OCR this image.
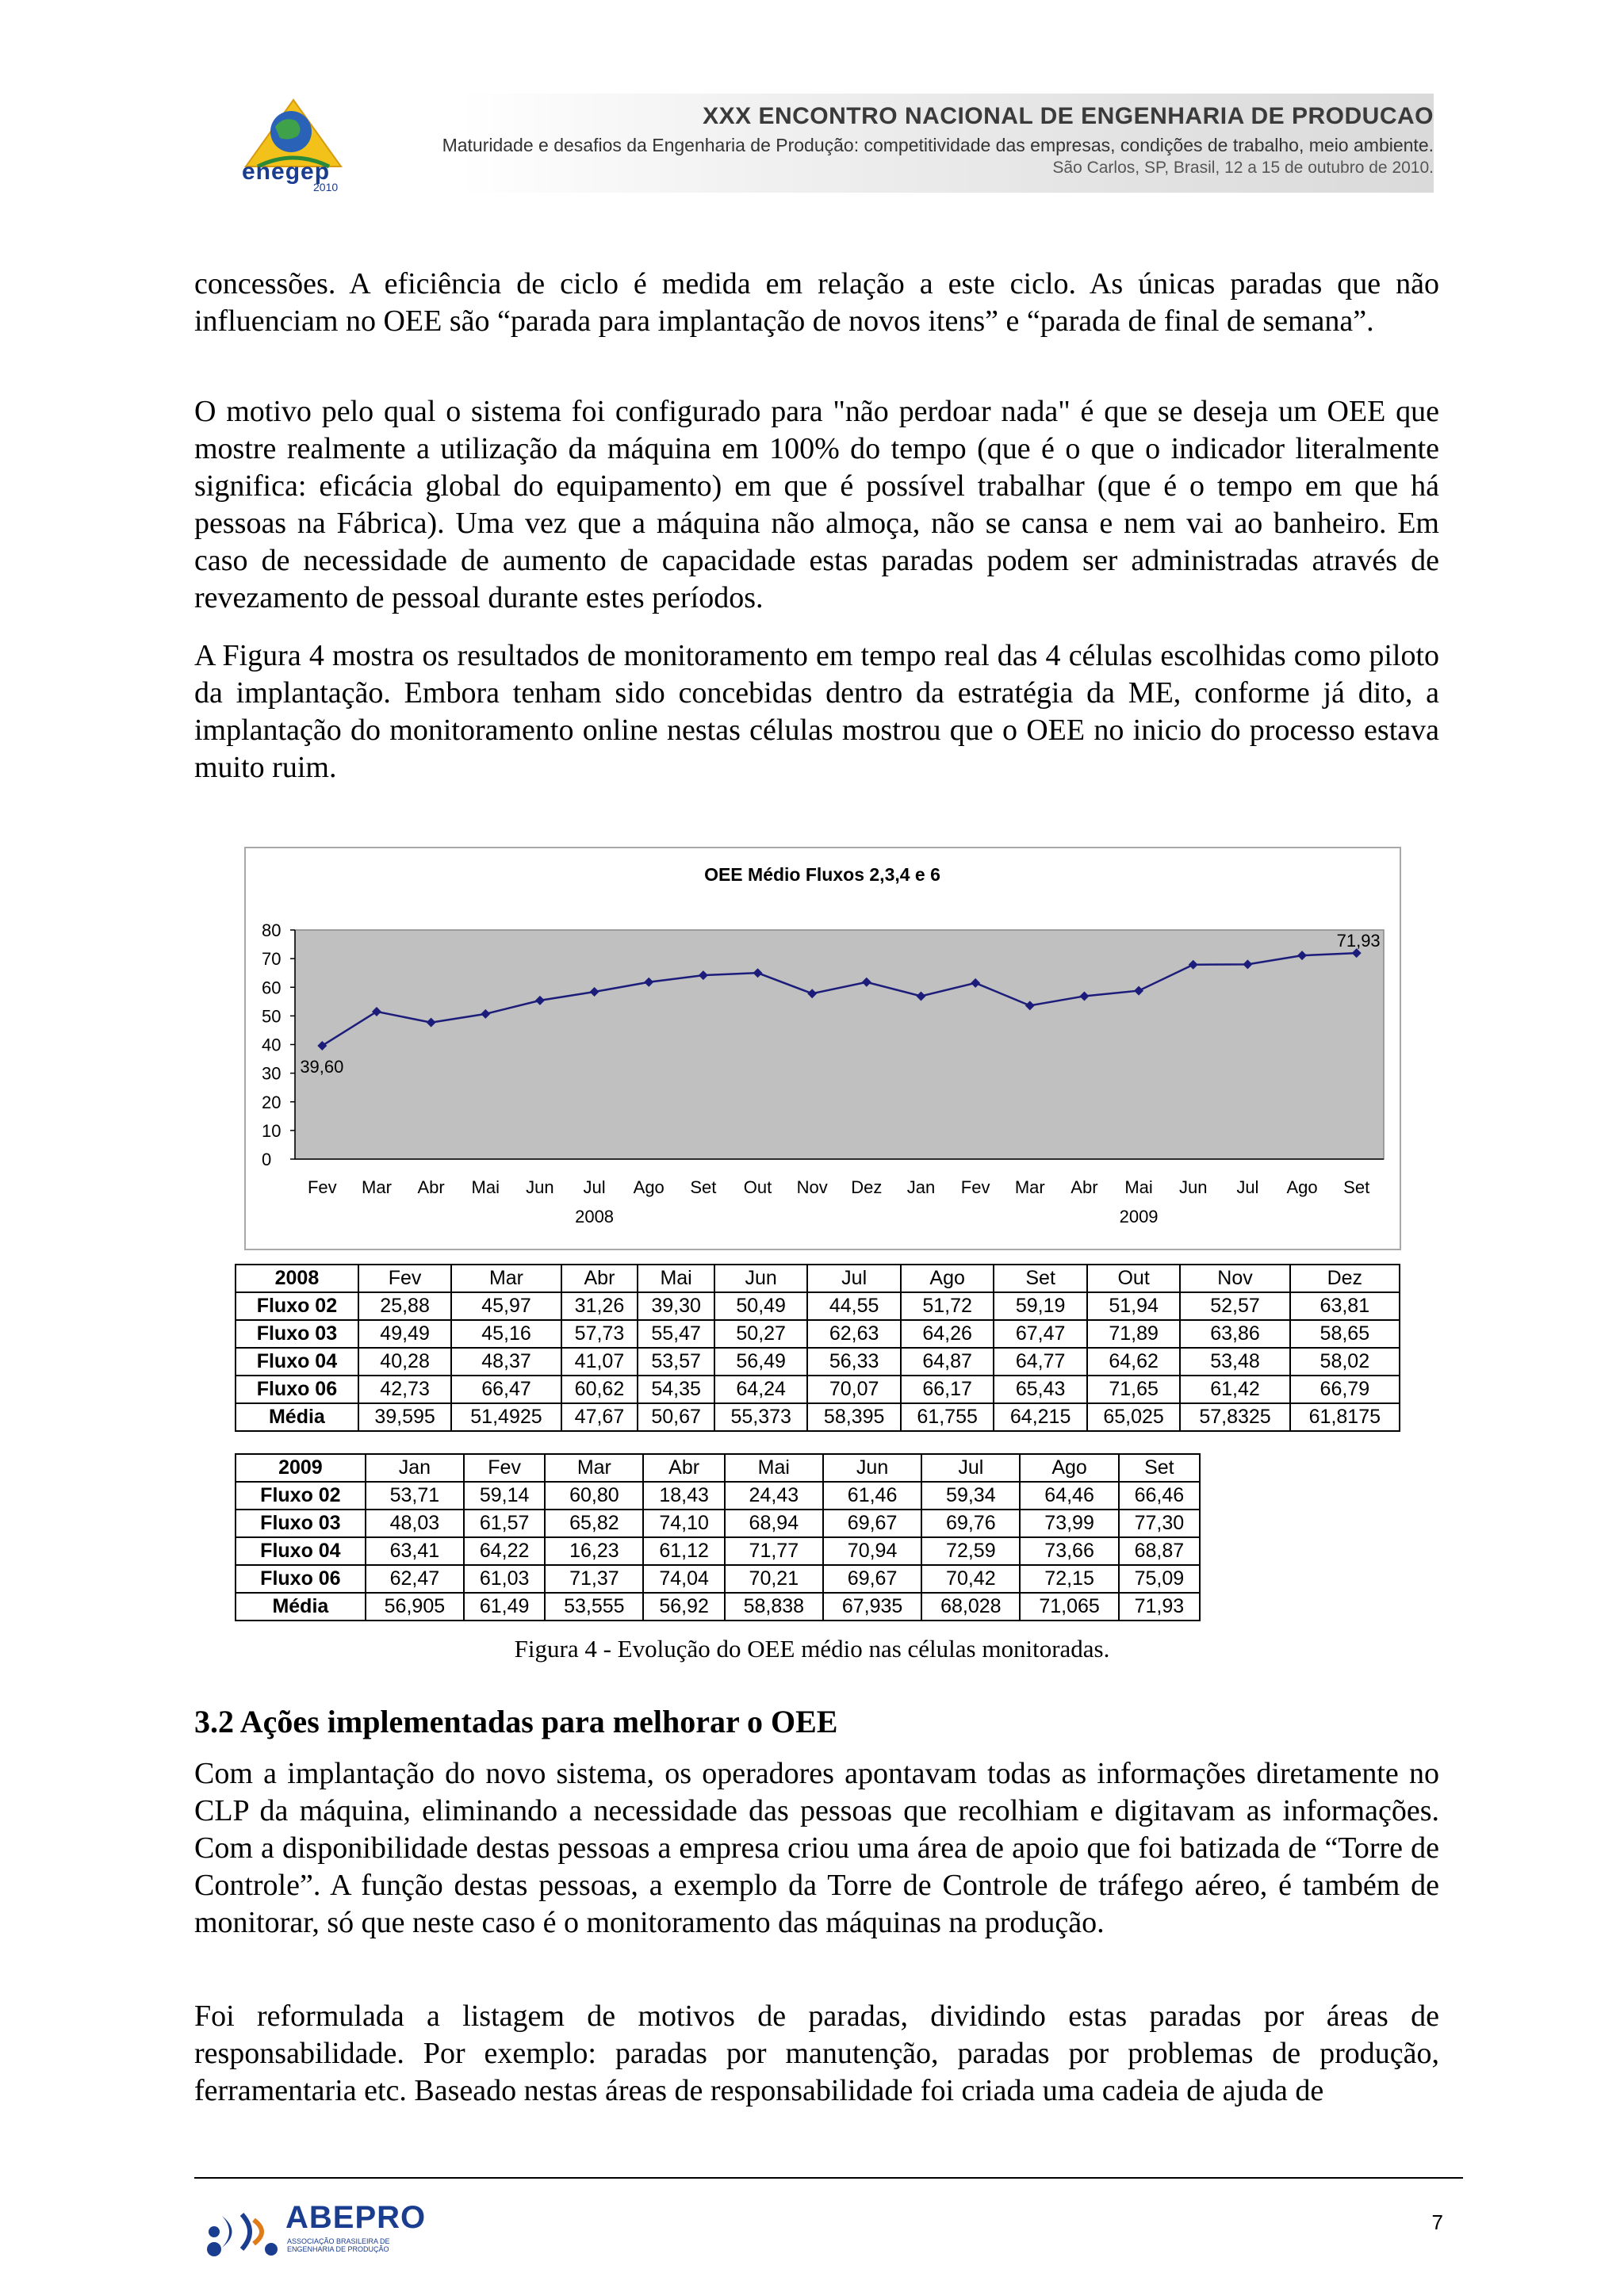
enegep
2010
XXX ENCONTRO NACIONAL DE ENGENHARIA DE PRODUCAO
Maturidade e desafios da Engenharia de Produção: competitividade das empresas, condições de trabalho, meio ambiente.
São Carlos, SP, Brasil, 12 a 15 de outubro de 2010.
concessões. A eficiência de ciclo é medida em relação a este ciclo. As únicas paradas que não influenciam no OEE são “parada para implantação de novos itens” e “parada de final de semana”.
O motivo pelo qual o sistema foi configurado para "não perdoar nada" é que se deseja um OEE que mostre realmente a utilização da máquina em 100% do tempo (que é o que o indicador literalmente significa: eficácia global do equipamento) em que é possível trabalhar (que é o tempo em que há pessoas na Fábrica). Uma vez que a máquina não almoça, não se cansa e nem vai ao banheiro. Em caso de necessidade de aumento de capacidade estas paradas podem ser administradas através de revezamento de pessoal durante estes períodos.
A Figura 4 mostra os resultados de monitoramento em tempo real das 4 células escolhidas como piloto da implantação. Embora tenham sido concebidas dentro da estratégia da ME, conforme já dito, a implantação do monitoramento online nestas células mostrou que o OEE no inicio do processo estava muito ruim.
OEE Médio Fluxos 2,3,4 e 6
0
10
20
30
40
50
60
70
80
Fev Mar Abr Mai Jun Jul Ago Set Out Nov Dez Jan Fev Mar Abr Mai Jun Jul Ago Set
2008	2009
39,60
71,93
2008	Fev	Mar	Abr	Mai	Jun	Jul	Ago	Set	Out	Nov	Dez
Fluxo 02	25,88	45,97	31,26	39,30	50,49	44,55	51,72	59,19	51,94	52,57	63,81
Fluxo 03	49,49	45,16	57,73	55,47	50,27	62,63	64,26	67,47	71,89	63,86	58,65
Fluxo 04	40,28	48,37	41,07	53,57	56,49	56,33	64,87	64,77	64,62	53,48	58,02
Fluxo 06	42,73	66,47	60,62	54,35	64,24	70,07	66,17	65,43	71,65	61,42	66,79
Média	39,595	51,4925	47,67	50,67	55,373	58,395	61,755	64,215	65,025	57,8325	61,8175
2009	Jan	Fev	Mar	Abr	Mai	Jun	Jul	Ago	Set
Fluxo 02	53,71	59,14	60,80	18,43	24,43	61,46	59,34	64,46	66,46
Fluxo 03	48,03	61,57	65,82	74,10	68,94	69,67	69,76	73,99	77,30
Fluxo 04	63,41	64,22	16,23	61,12	71,77	70,94	72,59	73,66	68,87
Fluxo 06	62,47	61,03	71,37	74,04	70,21	69,67	70,42	72,15	75,09
Média	56,905	61,49	53,555	56,92	58,838	67,935	68,028	71,065	71,93
Figura 4 - Evolução do OEE médio nas células monitoradas.
3.2 Ações implementadas para melhorar o OEE
Com a implantação do novo sistema, os operadores apontavam todas as informações diretamente no CLP da máquina, eliminando a necessidade das pessoas que recolhiam e digitavam as informações. Com a disponibilidade destas pessoas a empresa criou uma área de apoio que foi batizada de “Torre de Controle”. A função destas pessoas, a exemplo da Torre de Controle de tráfego aéreo, é também de monitorar, só que neste caso é o monitoramento das máquinas na produção.
Foi reformulada a listagem de motivos de paradas, dividindo estas paradas por áreas de responsabilidade. Por exemplo: paradas por manutenção, paradas por problemas de produção, ferramentaria etc. Baseado nestas áreas de responsabilidade foi criada uma cadeia de ajuda de
ABEPRO
ASSOCIAÇÃO BRASILEIRA DE ENGENHARIA DE PRODUÇÃO
7
